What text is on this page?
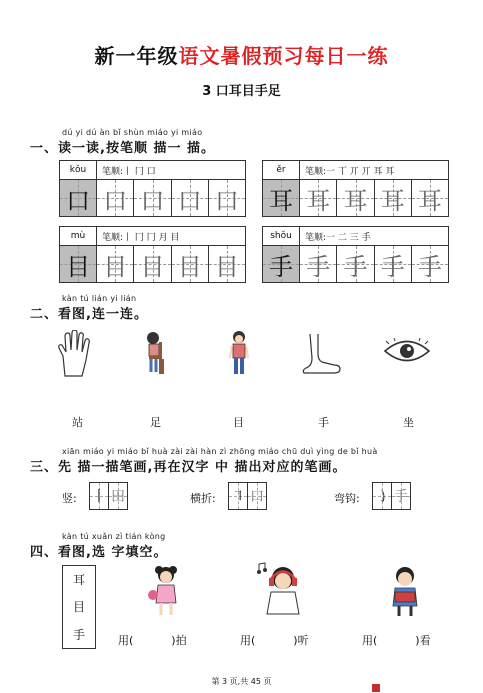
新一年级语文暑假预习每日一练
3 口耳目手足
dú yi dú àn bǐ shùn miáo yi miáo
一、读一读,按笔顺 描一 描。
kǒu	笔顺:丨 冂 口
口 口 口 口 口
ěr	笔顺:一 丅 丌 丌 耳 耳
耳 耳 耳 耳 耳
mù	笔顺:丨 冂 冂 月 目
目 目 目 目 目
shǒu	笔顺:一 二 三 手
手 手 手 手 手
kàn tú lián yi lián
二、看图,连一连。
站	足	目	手	坐
xiān miáo yi miáo bǐ huà zài zài hàn zì zhōng miáo chū duì yìng de bǐ huà
三、先 描一描笔画,再在汉字 中 描出对应的笔画。
竖: 丨 田	横折: ㇕ 口	弯钩: ㇁ 手
kàn tú xuǎn zì tián kòng
四、看图,选 字填空。
耳
目
手	用(	)拍	用(	)听	用(	)看
第 3 页,共 45 页
